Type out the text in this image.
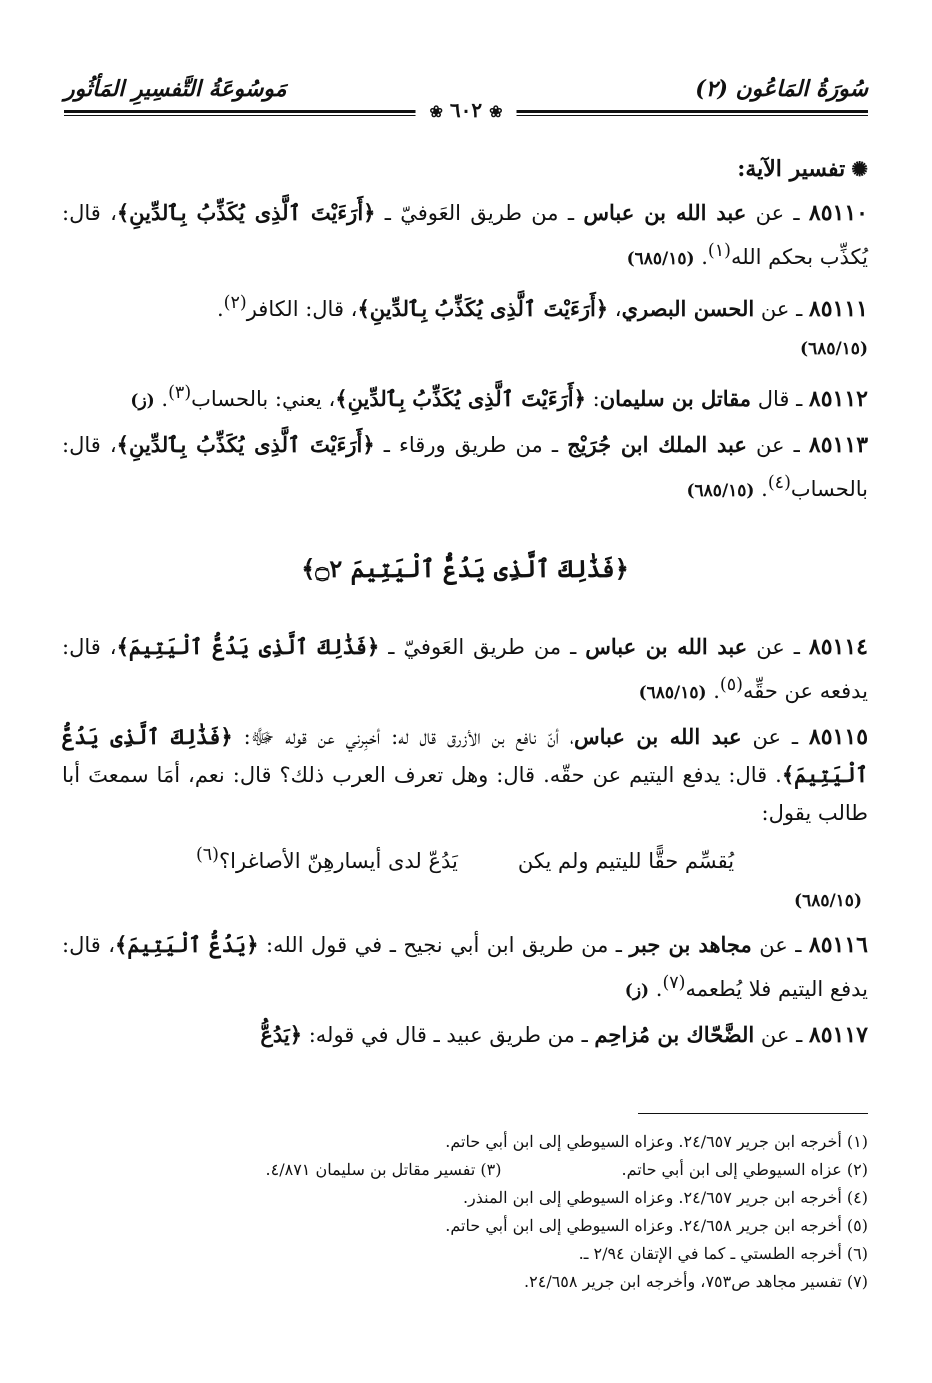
سُورَةُ المَاعُون (٢)
مَوسُوعَةُ التَّفسِيرِ المَأثُور
❀ ٦٠٢ ❀
✺تفسير الآية:
٨٥١١٠ ـ عن عبد الله بن عباس ـ من طريق العَوفيّ ـ ﴿أَرَءَيْتَ ٱلَّذِى يُكَذِّبُ بِٱلدِّينِ﴾، قال: يُكذِّب بحكم الله$^{(١)}$. (٦٨٥/١٥)
٨٥١١١ ـ عن الحسن البصري، ﴿أَرَءَيْتَ ٱلَّذِى يُكَذِّبُ بِٱلدِّينِ﴾، قال: الكافر$^{(٢)}$.
(٦٨٥/١٥)
٨٥١١٢ ـ قال مقاتل بن سليمان: ﴿أَرَءَيْتَ ٱلَّذِى يُكَذِّبُ بِٱلدِّينِ﴾، يعني: بالحساب$^{(٣)}$. (ز)
٨٥١١٣ ـ عن عبد الملك ابن جُرَيْج ـ من طريق ورقاء ـ ﴿أَرَءَيْتَ ٱلَّذِى يُكَذِّبُ بِٱلدِّينِ﴾، قال: بالحساب$^{(٤)}$. (٦٨٥/١٥)
﴿فَذَٰلِكَ ٱلَّذِى يَدُعُّ ٱلْيَتِيمَ ۝٢﴾
٨٥١١٤ ـ عن عبد الله بن عباس ـ من طريق العَوفيّ ـ ﴿فَذَٰلِكَ ٱلَّذِى يَدُعُّ ٱلْيَتِيمَ﴾، قال: يدفعه عن حقِّه$^{(٥)}$. (٦٨٥/١٥)
٨٥١١٥ ـ عن عبد الله بن عباس، أنّ نافع بن الأزرق قال له: أخبِرني عن قوله ﷻ: ﴿فَذَٰلِكَ ٱلَّذِى يَدُعُّ ٱلْيَتِيمَ﴾. قال: يدفع اليتيم عن حقّه. قال: وهل تعرف العرب ذلك؟ قال: نعم، أمَا سمعتَ أبا طالب يقول:
يُقسِّم حقًّا لليتيم ولم يكنيَدُعّ لدى أيسارهِنّ الأصاغرا؟$^{(٦)}$
(٦٨٥/١٥)
٨٥١١٦ ـ عن مجاهد بن جبر ـ من طريق ابن أبي نجيح ـ في قول الله: ﴿يَدُعُّ ٱلْيَتِيمَ﴾، قال: يدفع اليتيم فلا يُطعمه$^{(٧)}$. (ز)
٨٥١١٧ ـ عن الضَّحّاك بن مُزاحِم ـ من طريق عبيد ـ قال في قوله: ﴿يَدُعُّ
(١) أخرجه ابن جرير ٢٤/٦٥٧. وعزاه السيوطي إلى ابن أبي حاتم.
(٢) عزاه السيوطي إلى ابن أبي حاتم.(٣) تفسير مقاتل بن سليمان ٤/٨٧١.
(٤) أخرجه ابن جرير ٢٤/٦٥٧. وعزاه السيوطي إلى ابن المنذر.
(٥) أخرجه ابن جرير ٢٤/٦٥٨. وعزاه السيوطي إلى ابن أبي حاتم.
(٦) أخرجه الطستي ـ كما في الإتقان ٢/٩٤ ـ.
(٧) تفسير مجاهد ص٧٥٣، وأخرجه ابن جرير ٢٤/٦٥٨.
